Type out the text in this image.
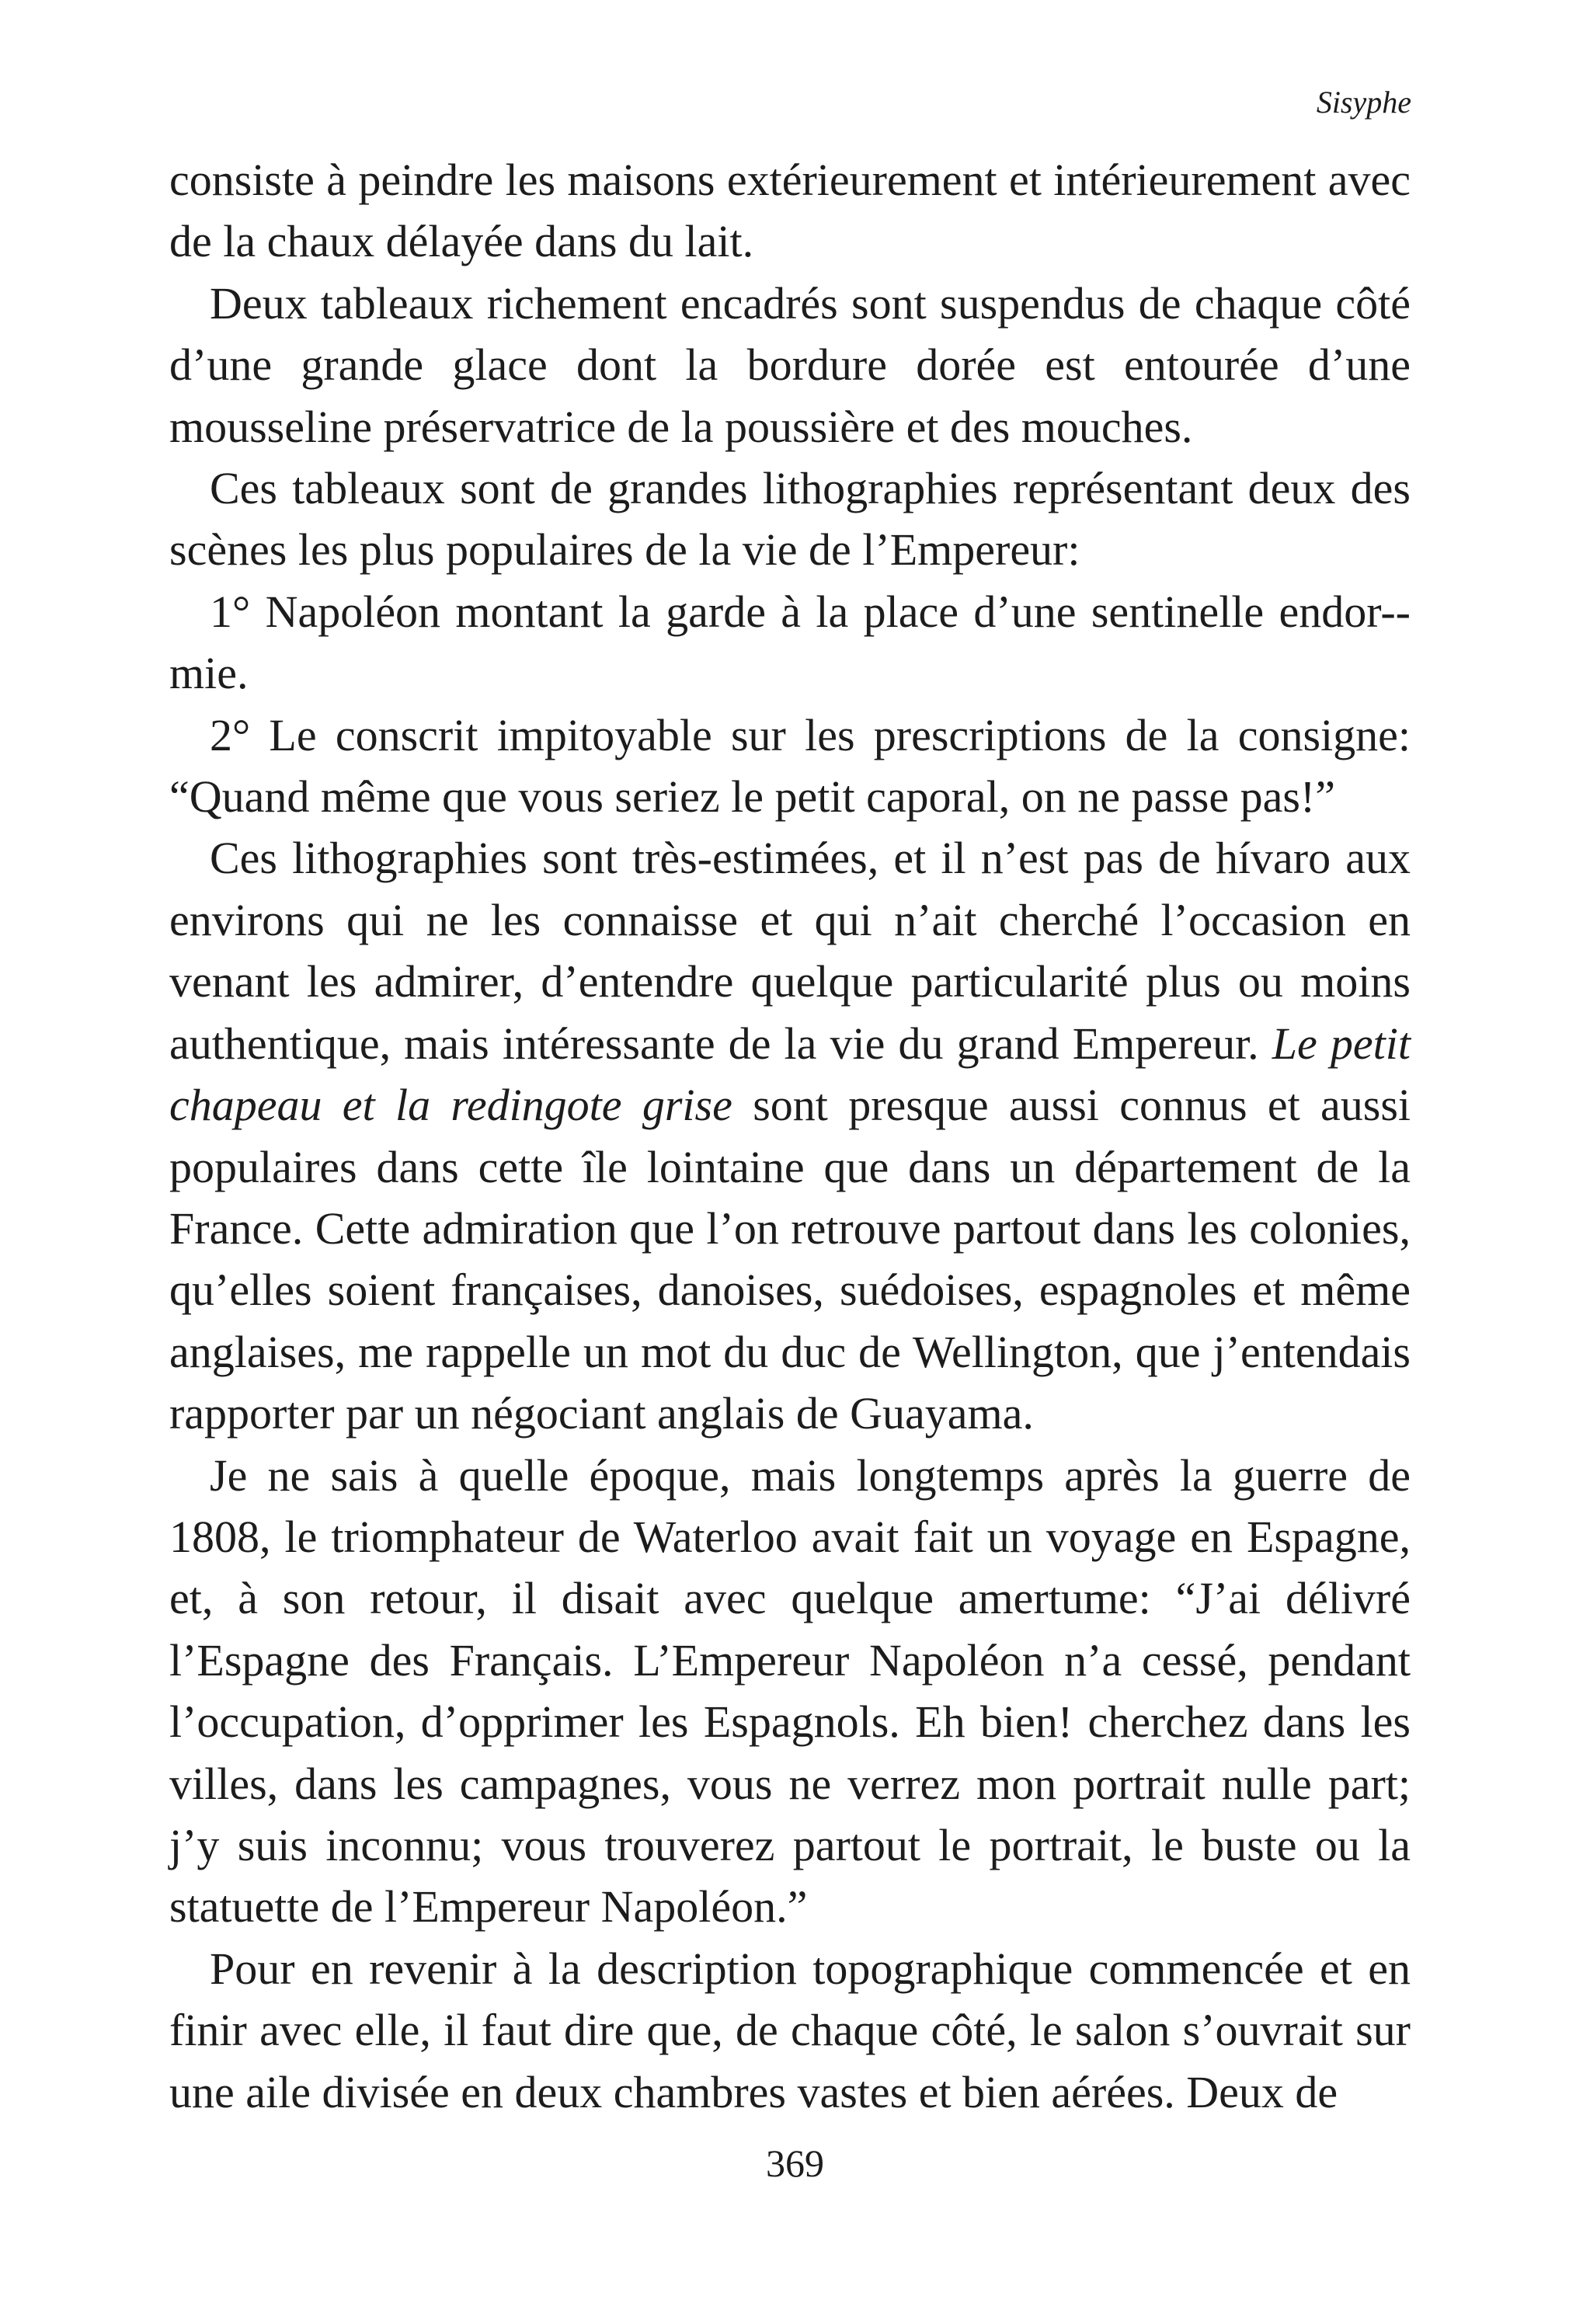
Sisyphe

consiste à peindre les maisons extérieurement et intérieurement avec de la chaux délayée dans du lait.

Deux tableaux richement encadrés sont suspendus de chaque côté d’une grande glace dont la bordure dorée est entourée d’une mousseline préservatrice de la poussière et des mouches.

Ces tableaux sont de grandes lithographies représentant deux des scènes les plus populaires de la vie de l’Empereur:

1° Napoléon montant la garde à la place d’une sentinelle endor-mie.

2° Le conscrit impitoyable sur les prescriptions de la consigne: “Quand même que vous seriez le petit caporal, on ne passe pas!”

Ces lithographies sont très-estimées, et il n’est pas de hívaro aux environs qui ne les connaisse et qui n’ait cherché l’occasion en venant les admirer, d’entendre quelque particularité plus ou moins authentique, mais intéressante de la vie du grand Empereur. Le petit chapeau et la redingote grise sont presque aussi connus et aussi populaires dans cette île lointaine que dans un département de la France. Cette admiration que l’on retrouve partout dans les colonies, qu’elles soient françaises, danoises, suédoises, espagnoles et même anglaises, me rappelle un mot du duc de Wellington, que j’entendais rapporter par un négociant anglais de Guayama.

Je ne sais à quelle époque, mais longtemps après la guerre de 1808, le triomphateur de Waterloo avait fait un voyage en Espagne, et, à son retour, il disait avec quelque amertume: “J’ai délivré l’Espagne des Français. L’Empereur Napoléon n’a cessé, pendant l’occupation, d’opprimer les Espagnols. Eh bien! cherchez dans les villes, dans les campagnes, vous ne verrez mon portrait nulle part; j’y suis inconnu; vous trouverez partout le portrait, le buste ou la statuette de l’Empereur Napoléon.”

Pour en revenir à la description topographique commencée et en finir avec elle, il faut dire que, de chaque côté, le salon s’ouvrait sur une aile divisée en deux chambres vastes et bien aérées. Deux de

369
